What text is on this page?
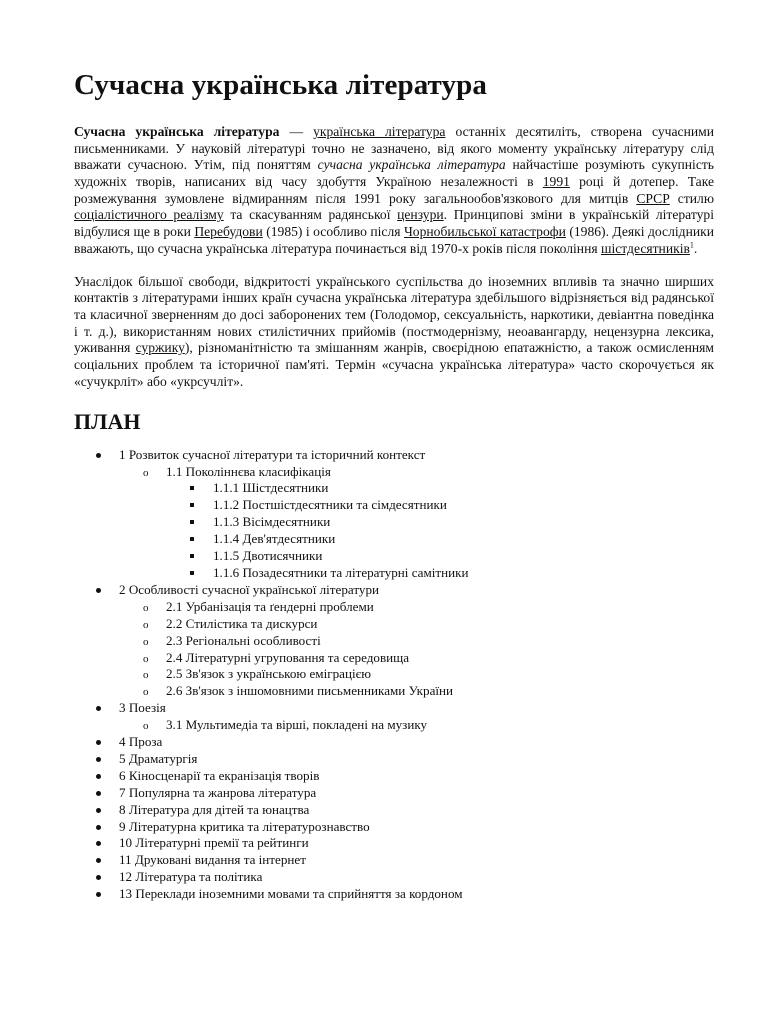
Сучасна українська література

Сучасна українська література — українська література останніх десятиліть, створена сучасними письменниками. У науковій літературі точно не зазначено, від якого моменту українську літературу слід вважати сучасною. Утім, під поняттям сучасна українська література найчастіше розуміють сукупність художніх творів, написаних від часу здобуття Україною незалежності в 1991 році й дотепер. Таке розмежування зумовлене відмиранням після 1991 року загальнообов'язкового для митців СРСР стилю соціалістичного реалізму та скасуванням радянської цензури. Принципові зміни в українській літературі відбулися ще в роки Перебудови (1985) і особливо після Чорнобильської катастрофи (1986). Деякі дослідники вважають, що сучасна українська література починається від 1970-х років після покоління шістдесятників$^1$.

Унаслідок більшої свободи, відкритості українського суспільства до іноземних впливів та значно ширших контактів з літературами інших країн сучасна українська література здебільшого відрізняється від радянської та класичної зверненням до досі заборонених тем (Голодомор, сексуальність, наркотики, девіантна поведінка і т. д.), використанням нових стилістичних прийомів (постмодернізму, неоавангарду, нецензурна лексика, уживання суржику), різноманітністю та змішанням жанрів, своєрідною епатажністю, а також осмисленням соціальних проблем та історичної пам'яті. Термін «сучасна українська література» часто скорочується як «сучукрліт» або «укрсучліт».

ПЛАН
1 Розвиток сучасної літератури та історичний контекст
o 1.1 Поколіннєва класифікація
1.1.1 Шістдесятники
1.1.2 Постшістдесятники та сімдесятники
1.1.3 Вісімдесятники
1.1.4 Дев'ятдесятники
1.1.5 Двотисячники
1.1.6 Позадесятники та літературні самітники
2 Особливості сучасної української літератури
o 2.1 Урбанізація та ґендерні проблеми
o 2.2 Стилістика та дискурси
o 2.3 Регіональні особливості
o 2.4 Літературні угруповання та середовища
o 2.5 Зв'язок з українською еміграцією
o 2.6 Зв'язок з іншомовними письменниками України
3 Поезія
o 3.1 Мультимедіа та вірші, покладені на музику
4 Проза
5 Драматургія
6 Кіносценарії та екранізація творів
7 Популярна та жанрова література
8 Література для дітей та юнацтва
9 Літературна критика та літературознавство
10 Літературні премії та рейтинги
11 Друковані видання та інтернет
12 Література та політика
13 Переклади іноземними мовами та сприйняття за кордоном
